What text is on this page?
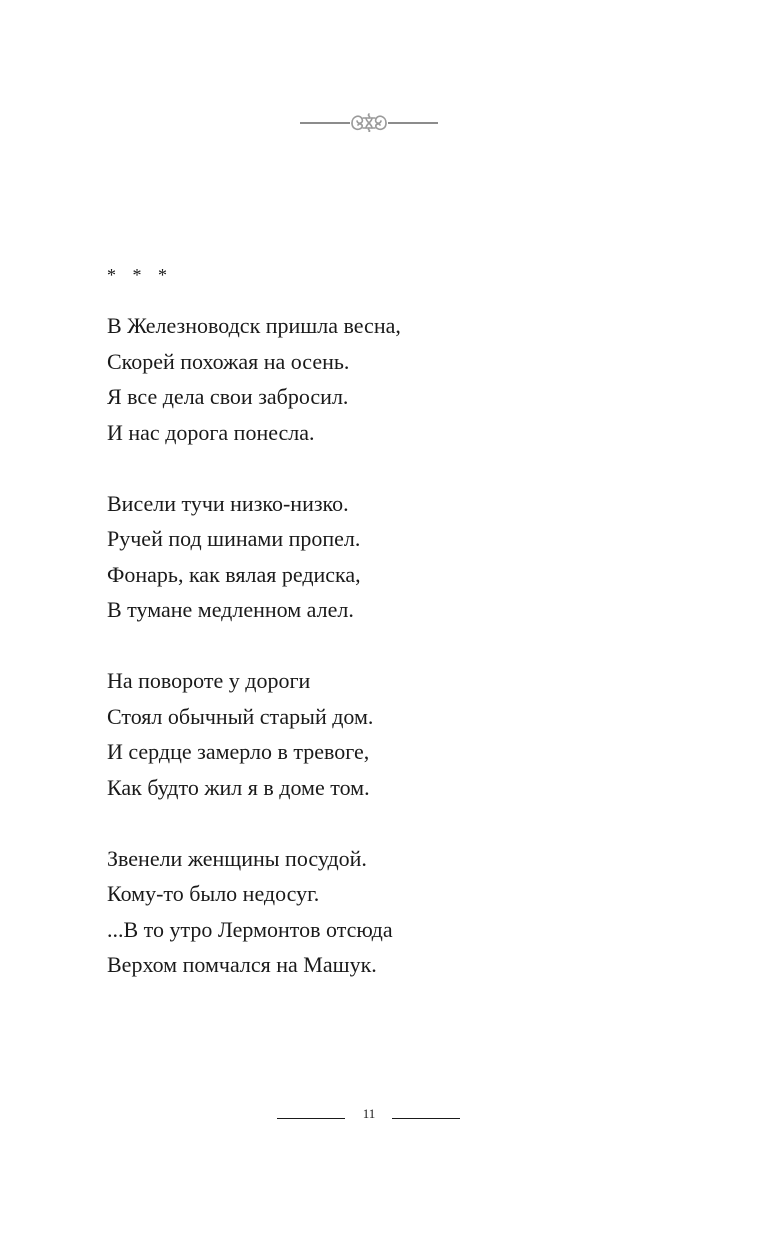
* * *
В Железноводск пришла весна,
Скорей похожая на осень.
Я все дела свои забросил.
И нас дорога понесла.
Висели тучи низко-низко.
Ручей под шинами пропел.
Фонарь, как вялая редиска,
В тумане медленном алел.
На повороте у дороги
Стоял обычный старый дом.
И сердце замерло в тревоге,
Как будто жил я в доме том.
Звенели женщины посудой.
Кому-то было недосуг.
...В то утро Лермонтов отсюда
Верхом помчался на Машук.
11
